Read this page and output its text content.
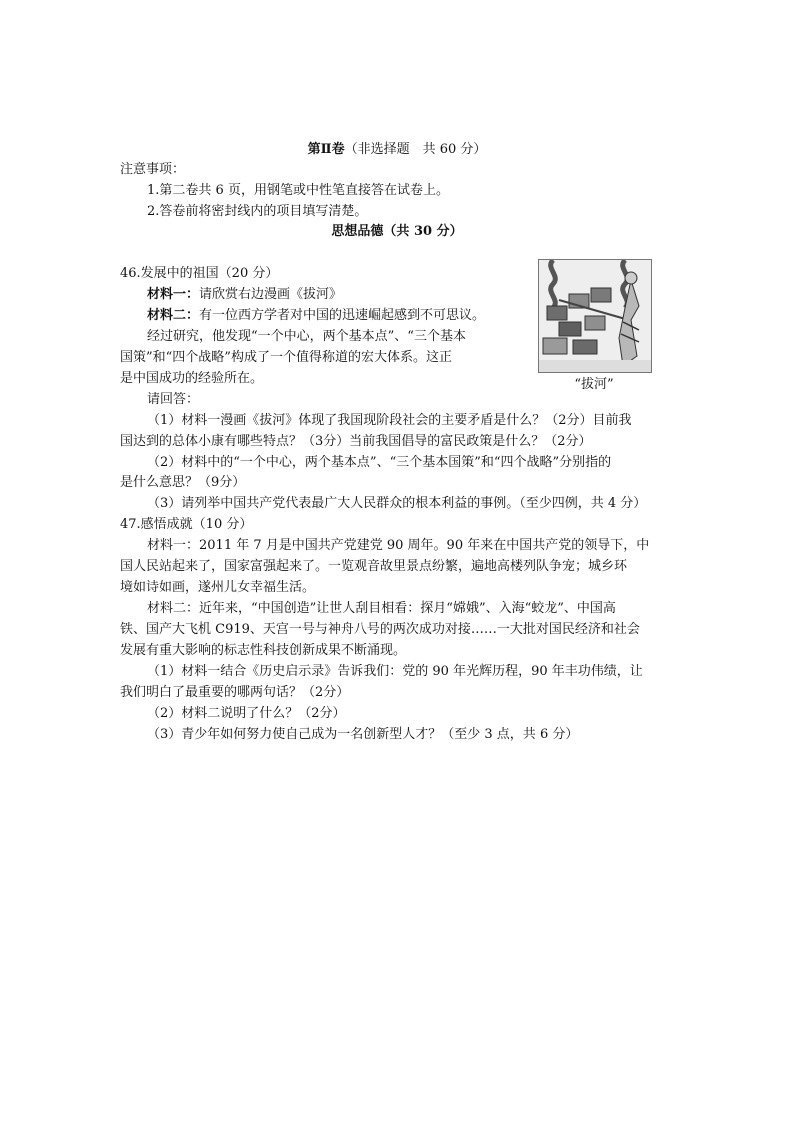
第Ⅱ卷（非选择题　共 60 分）
注意事项：
1.第二卷共 6 页，用钢笔或中性笔直接答在试卷上。
2.答卷前将密封线内的项目填写清楚。
思想品德（共 30 分）
46.发展中的祖国（20 分）
材料一：请欣赏右边漫画《拔河》
材料二：有一位西方学者对中国的迅速崛起感到不可思议。
经过研究，他发现“一个中心，两个基本点”、“三个基本
国策”和“四个战略”构成了一个值得称道的宏大体系。这正
是中国成功的经验所在。	“拔河”
请回答：
（1）材料一漫画《拔河》体现了我国现阶段社会的主要矛盾是什么？（2分）目前我
国达到的总体小康有哪些特点？（3分）当前我国倡导的富民政策是什么？（2分）
（2）材料中的“一个中心，两个基本点”、“三个基本国策”和“四个战略”分别指的
是什么意思？（9分）
（3）请列举中国共产党代表最广大人民群众的根本利益的事例。（至少四例，共 4 分）
47.感悟成就（10 分）
材料一：2011 年 7 月是中国共产党建党 90 周年。90 年来在中国共产党的领导下，中
国人民站起来了，国家富强起来了。一览观音故里景点纷繁，遍地高楼列队争宠；城乡环
境如诗如画，遂州儿女幸福生活。
材料二：近年来，“中国创造”让世人刮目相看：探月“嫦娥”、入海“蛟龙”、中国高
铁、国产大飞机 C919、天宫一号与神舟八号的两次成功对接……一大批对国民经济和社会
发展有重大影响的标志性科技创新成果不断涌现。
（1）材料一结合《历史启示录》告诉我们：党的 90 年光辉历程，90 年丰功伟绩，让
我们明白了最重要的哪两句话？（2分）
（2）材料二说明了什么？（2分）
（3）青少年如何努力使自己成为一名创新型人才？（至少 3 点，共 6 分）
